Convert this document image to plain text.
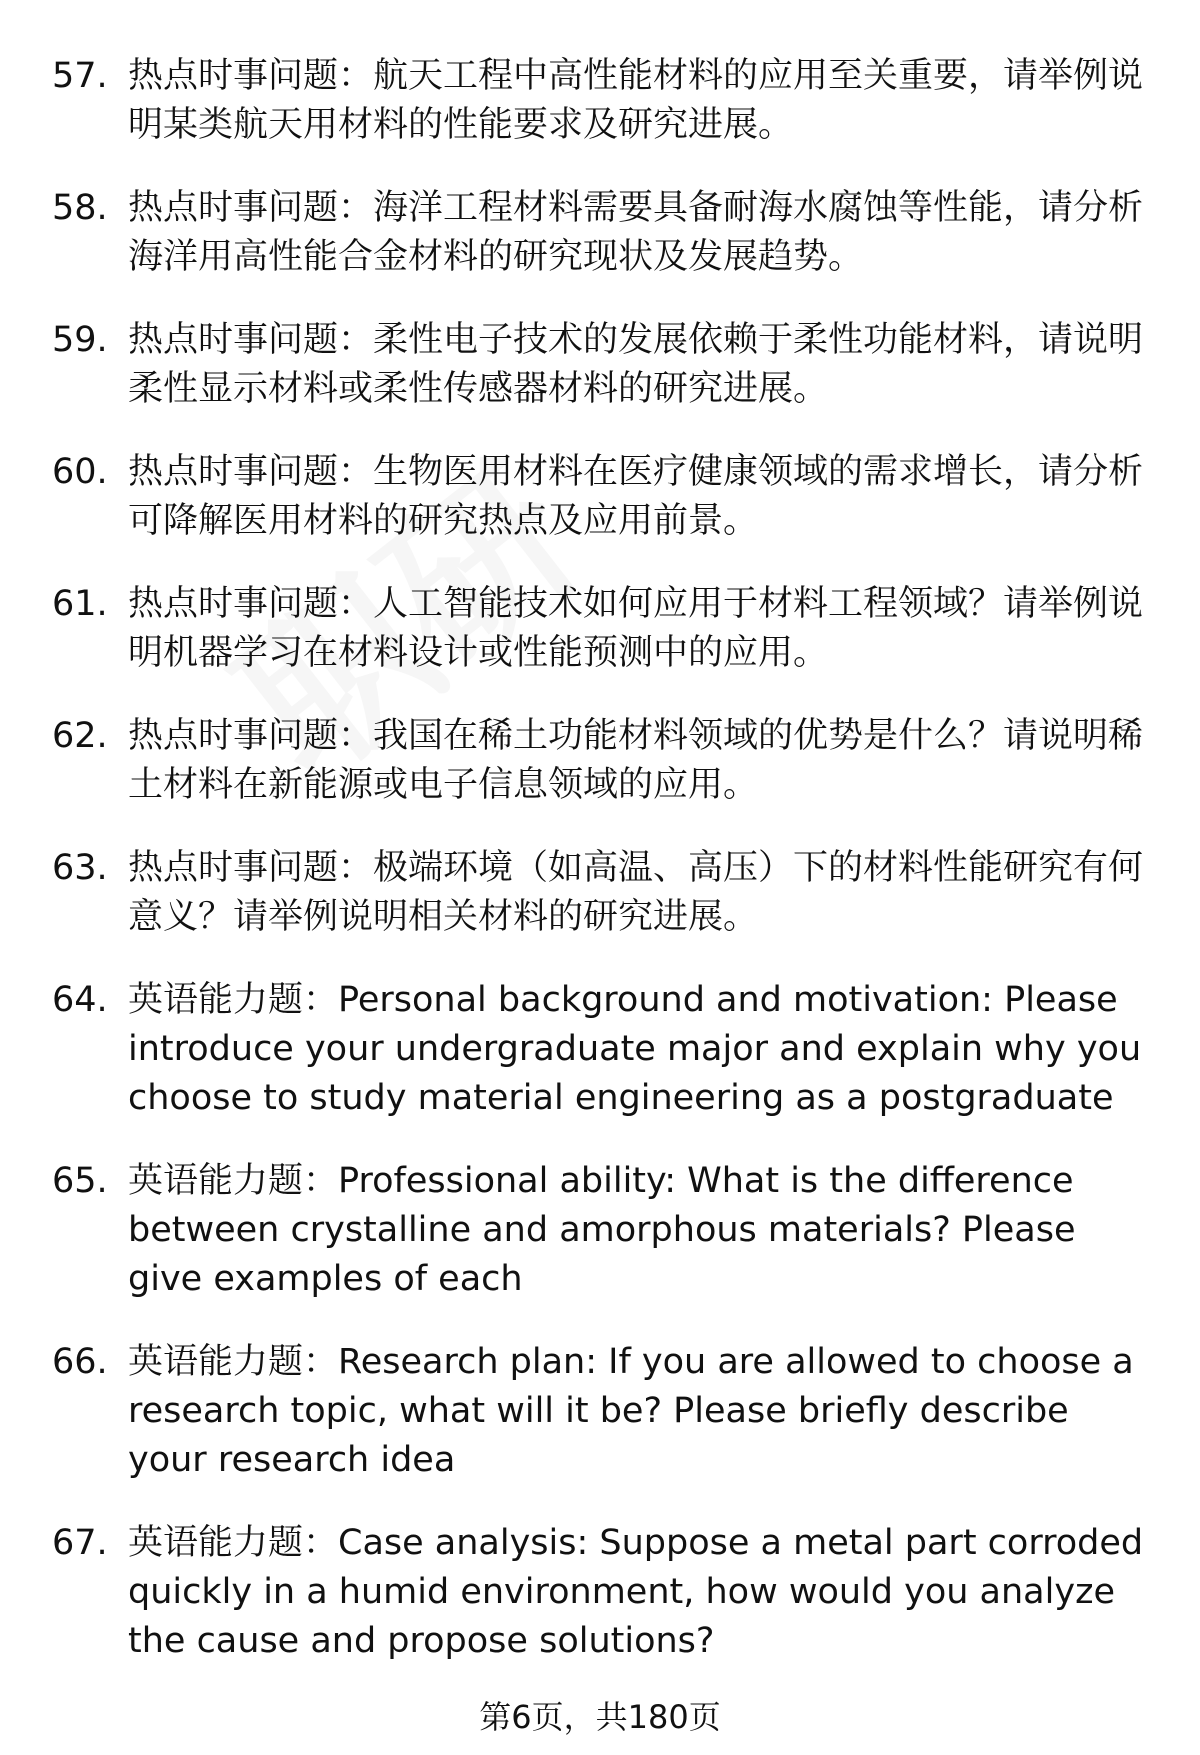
57. 热点时事问题：航天工程中高性能材料的应用至关重要，请举例说明某类航天用材料的性能要求及研究进展。
58. 热点时事问题：海洋工程材料需要具备耐海水腐蚀等性能，请分析海洋用高性能合金材料的研究现状及发展趋势。
59. 热点时事问题：柔性电子技术的发展依赖于柔性功能材料，请说明柔性显示材料或柔性传感器材料的研究进展。
60. 热点时事问题：生物医用材料在医疗健康领域的需求增长，请分析可降解医用材料的研究热点及应用前景。
61. 热点时事问题：人工智能技术如何应用于材料工程领域？请举例说明机器学习在材料设计或性能预测中的应用。
62. 热点时事问题：我国在稀土功能材料领域的优势是什么？请说明稀土材料在新能源或电子信息领域的应用。
63. 热点时事问题：极端环境（如高温、高压）下的材料性能研究有何意义？请举例说明相关材料的研究进展。
64. 英语能力题：Personal background and motivation: Please introduce your undergraduate major and explain why you choose to study material engineering as a postgraduate
65. 英语能力题：Professional ability: What is the difference between crystalline and amorphous materials? Please give examples of each
66. 英语能力题：Research plan: If you are allowed to choose a research topic, what will it be? Please briefly describe your research idea
67. 英语能力题：Case analysis: Suppose a metal part corroded quickly in a humid environment, how would you analyze the cause and propose solutions?
第6页，共180页
